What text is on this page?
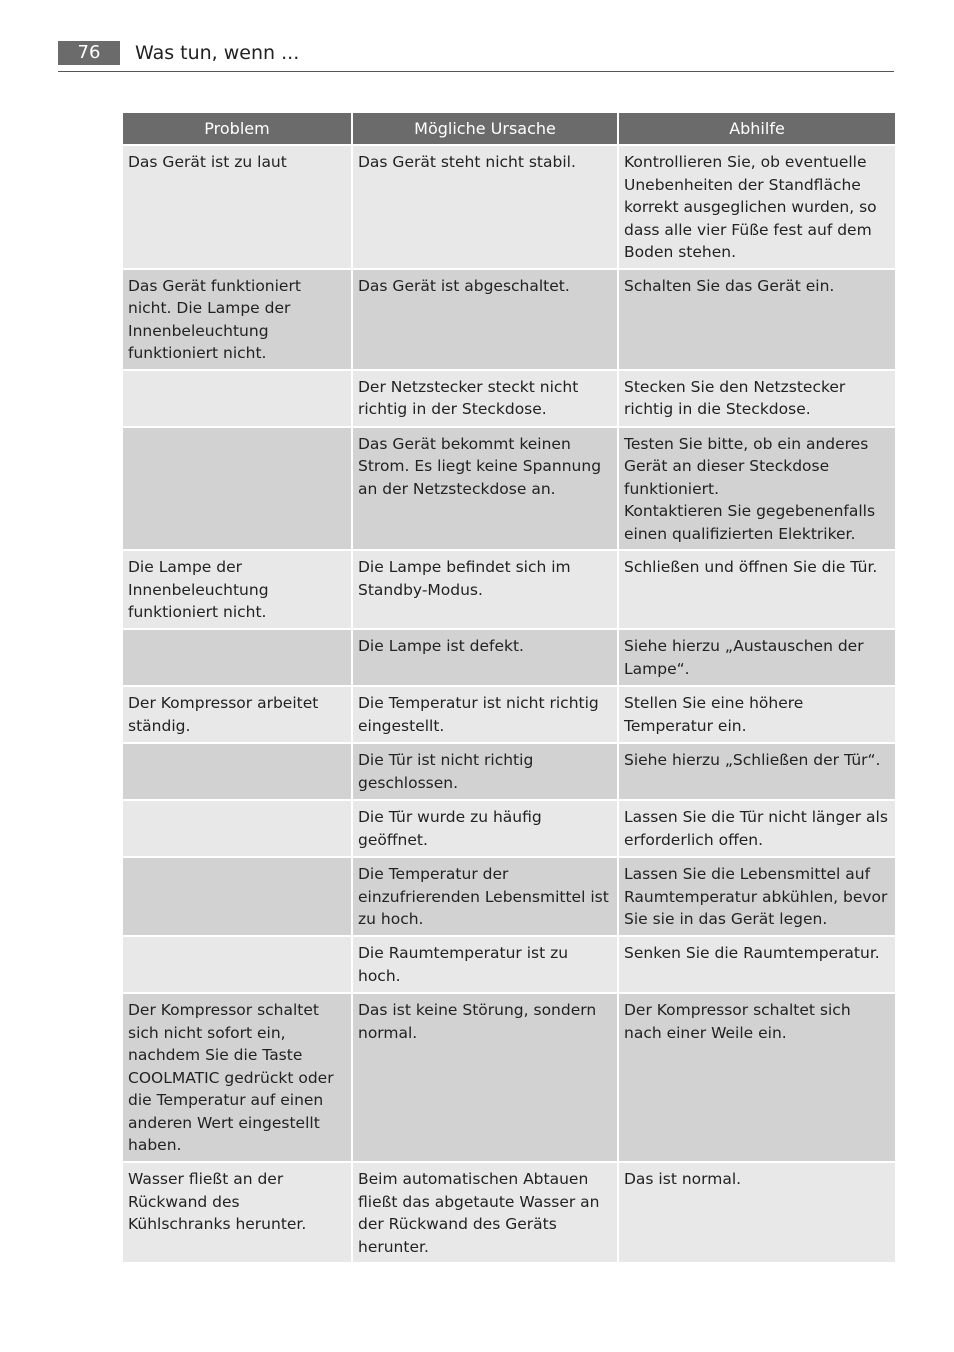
76	Was tun, wenn ...
Problem	Mögliche Ursache	Abhilfe

Das Gerät ist zu laut	Das Gerät steht nicht stabil.	Kontrollieren Sie, ob eventuelle Unebenheiten der Standfläche korrekt ausgeglichen wurden, so dass alle vier Füße fest auf dem Boden stehen.

Das Gerät funktioniert nicht. Die Lampe der Innenbeleuchtung funktioniert nicht.	Das Gerät ist abgeschaltet.	Schalten Sie das Gerät ein.

	Der Netzstecker steckt nicht richtig in der Steckdose.	Stecken Sie den Netzstecker richtig in die Steckdose.

	Das Gerät bekommt keinen Strom. Es liegt keine Spannung an der Netzsteckdose an.	Testen Sie bitte, ob ein anderes Gerät an dieser Steckdose funktioniert.
Kontaktieren Sie gegebenenfalls einen qualifizierten Elektriker.

Die Lampe der Innenbeleuchtung funktioniert nicht.	Die Lampe befindet sich im Standby-Modus.	Schließen und öffnen Sie die Tür.

	Die Lampe ist defekt.	Siehe hierzu „Austauschen der Lampe“.

Der Kompressor arbeitet ständig.	Die Temperatur ist nicht richtig eingestellt.	Stellen Sie eine höhere Temperatur ein.

	Die Tür ist nicht richtig geschlossen.	Siehe hierzu „Schließen der Tür“.

	Die Tür wurde zu häufig geöffnet.	Lassen Sie die Tür nicht länger als erforderlich offen.

	Die Temperatur der einzufrierenden Lebensmittel ist zu hoch.	Lassen Sie die Lebensmittel auf Raumtemperatur abkühlen, bevor Sie sie in das Gerät legen.

	Die Raumtemperatur ist zu hoch.	Senken Sie die Raumtemperatur.

Der Kompressor schaltet sich nicht sofort ein, nachdem Sie die Taste COOLMATIC gedrückt oder die Temperatur auf einen anderen Wert eingestellt haben.	Das ist keine Störung, sondern normal.	Der Kompressor schaltet sich nach einer Weile ein.

Wasser fließt an der Rückwand des Kühlschranks herunter.	Beim automatischen Abtauen fließt das abgetaute Wasser an der Rückwand des Geräts herunter.	Das ist normal.
